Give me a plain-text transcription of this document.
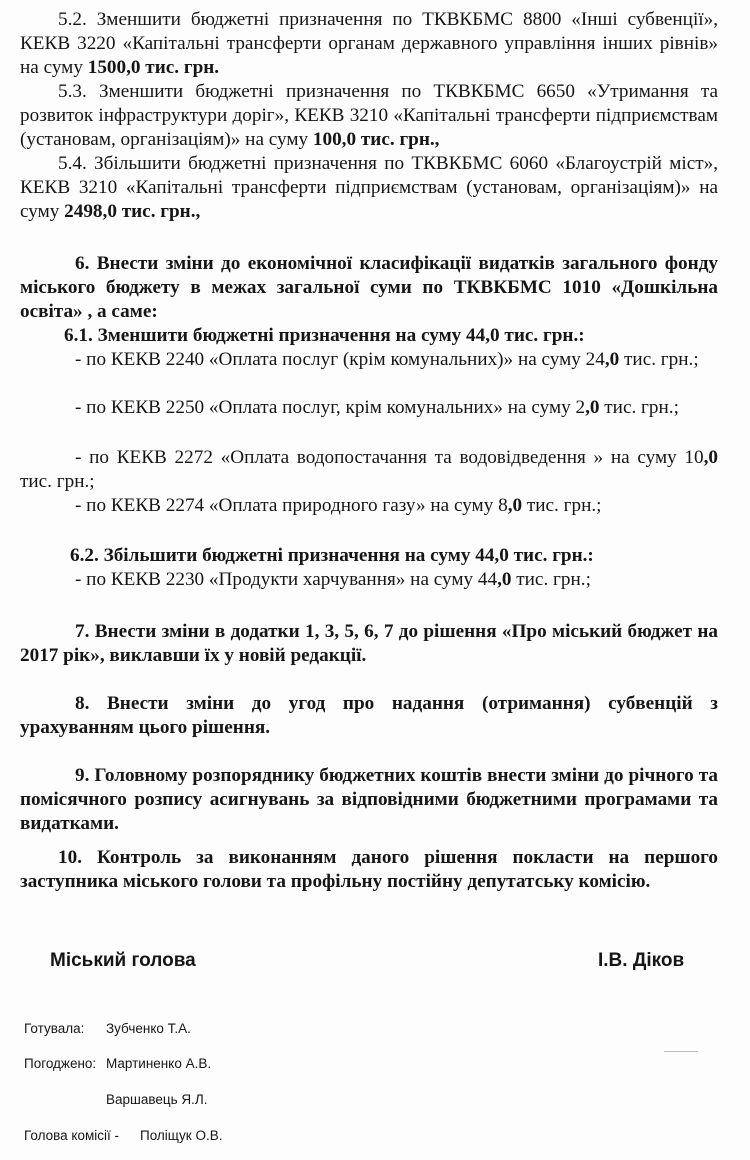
5.2. Зменшити бюджетні призначення по ТКВКБМС 8800 «Інші субвенції», КЕКВ 3220 «Капітальні трансферти органам державного управління інших рівнів» на суму 1500,0 тис. грн.

5.3. Зменшити бюджетні призначення по ТКВКБМС 6650 «Утримання та розвиток інфраструктури доріг», КЕКВ 3210 «Капітальні трансферти підприємствам (установам, організаціям)» на суму 100,0 тис. грн.,

5.4. Збільшити бюджетні призначення по ТКВКБМС 6060 «Благоустрій міст», КЕКВ 3210 «Капітальні трансферти підприємствам (установам, організаціям)» на суму 2498,0 тис. грн.,

6. Внести зміни до економічної класифікації видатків загального фонду міського бюджету в межах загальної суми по ТКВКБМС 1010 «Дошкільна освіта» , а саме:

6.1. Зменшити бюджетні призначення на суму 44,0 тис. грн.:

- по КЕКВ 2240 «Оплата послуг (крім комунальних)» на суму 24,0 тис. грн.;

- по КЕКВ 2250 «Оплата послуг, крім комунальних» на суму 2,0 тис. грн.;

- по КЕКВ 2272 «Оплата водопостачання та водовідведення » на суму 10,0 тис. грн.;

- по КЕКВ 2274 «Оплата природного газу» на суму 8,0 тис. грн.;

6.2. Збільшити бюджетні призначення на суму 44,0 тис. грн.:

- по КЕКВ 2230 «Продукти харчування» на суму 44,0 тис. грн.;

7. Внести зміни в додатки 1, 3, 5, 6, 7 до рішення «Про міський бюджет на 2017 рік», виклавши їх у новій редакції.

8. Внести зміни до угод про надання (отримання) субвенцій з урахуванням цього рішення.

9. Головному розпоряднику бюджетних коштів внести зміни до річного та помісячного розпису асигнувань за відповідними бюджетними програмами та видатками.

10. Контроль за виконанням даного рішення покласти на першого заступника міського голови та профільну постійну депутатську комісію.

Міський голова	І.В. Діков
Готувала: Зубченко Т.А.
Погоджено: Мартиненко А.В.
Варшавець Я.Л.
Голова комісії - Поліщук О.В.
